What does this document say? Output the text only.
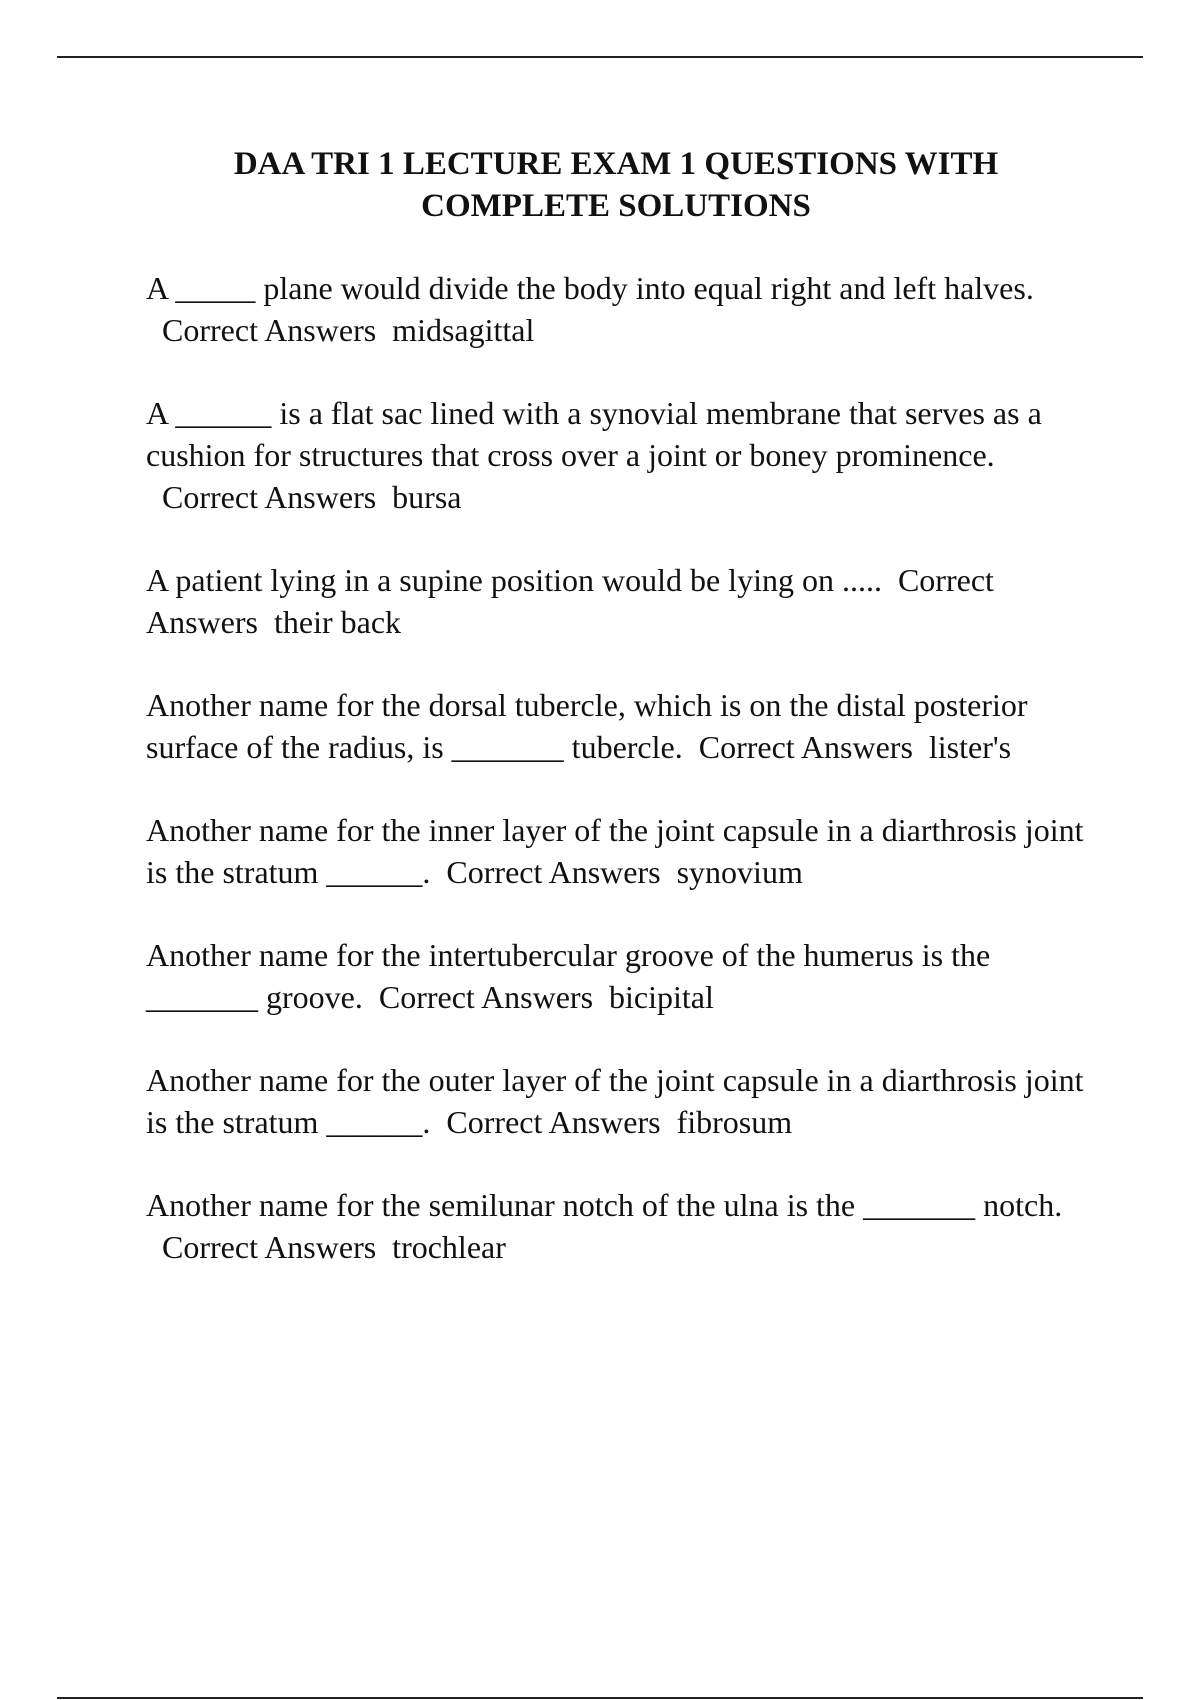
DAA TRI 1 LECTURE EXAM 1 QUESTIONS WITH COMPLETE SOLUTIONS

A _____ plane would divide the body into equal right and left halves.  Correct Answers midsagittal

A ______ is a flat sac lined with a synovial membrane that serves as a cushion for structures that cross over a joint or boney prominence.  Correct Answers bursa

A patient lying in a supine position would be lying on ..... Correct Answers their back

Another name for the dorsal tubercle, which is on the distal posterior surface of the radius, is _______ tubercle. Correct Answers lister's

Another name for the inner layer of the joint capsule in a diarthrosis joint is the stratum ______. Correct Answers synovium

Another name for the intertubercular groove of the humerus is the _______ groove. Correct Answers bicipital

Another name for the outer layer of the joint capsule in a diarthrosis joint is the stratum ______. Correct Answers fibrosum

Another name for the semilunar notch of the ulna is the _______ notch.  Correct Answers trochlear
